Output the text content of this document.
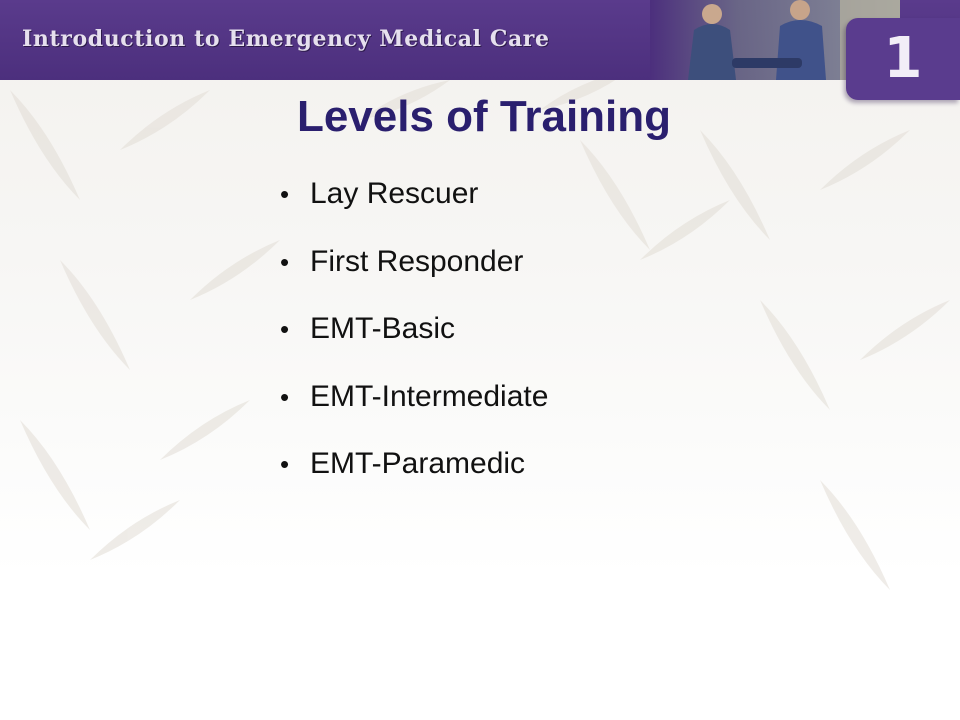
Introduction to Emergency Medical Care	1
Levels of Training
• Lay Rescuer
• First Responder
• EMT-Basic
• EMT-Intermediate
• EMT-Paramedic
